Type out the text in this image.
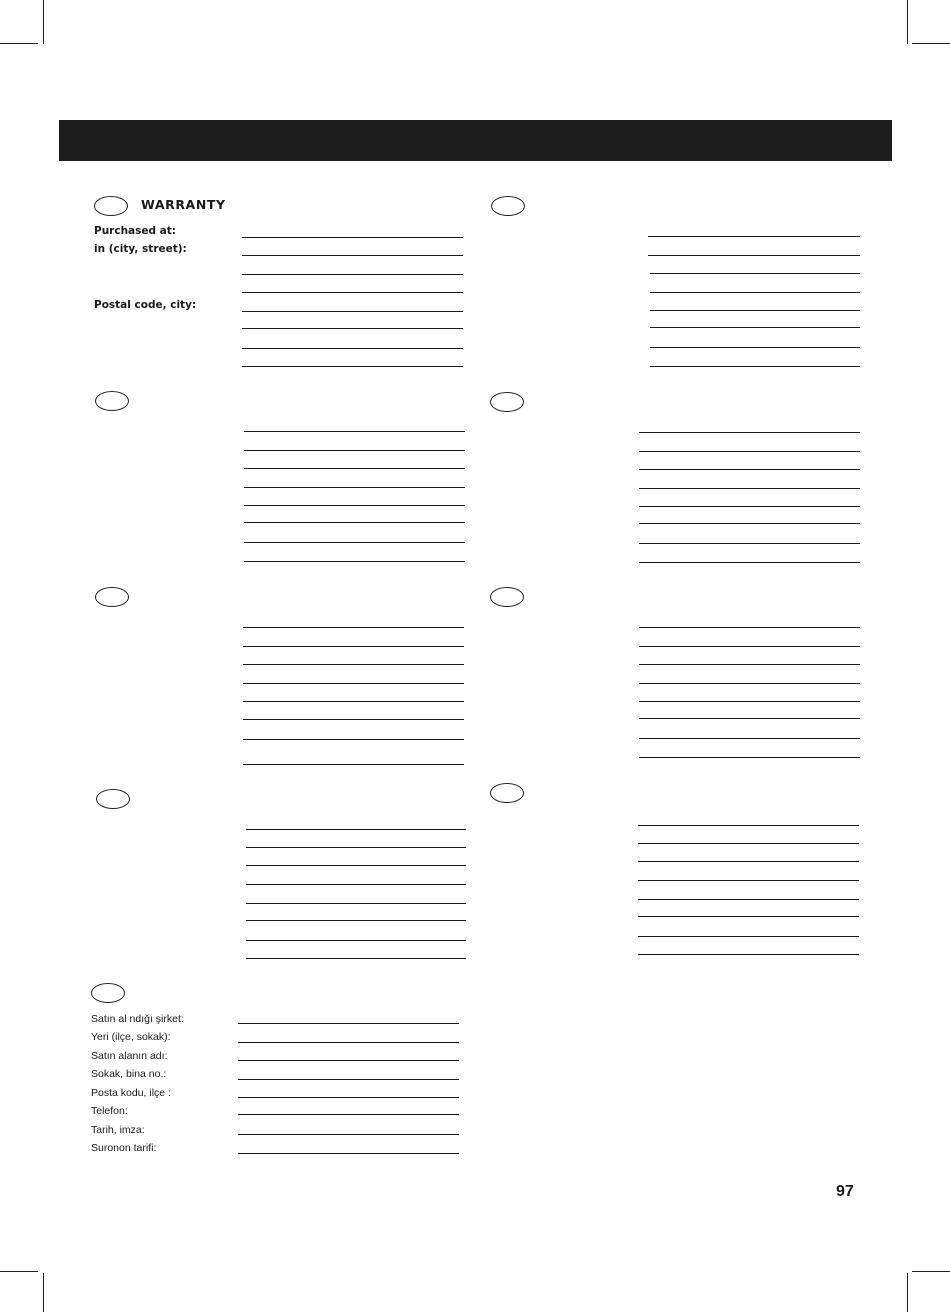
WARRANTY
Purchased at:
in (city, street):
Postal code, city:
Satın al ndığı şirket:
Yeri (ilçe, sokak):
Satın alanın adı:
Sokak, bina no.:
Posta kodu, ilçe :
Telefon:
Tarih, imza:
Suronon tarifi:
97
